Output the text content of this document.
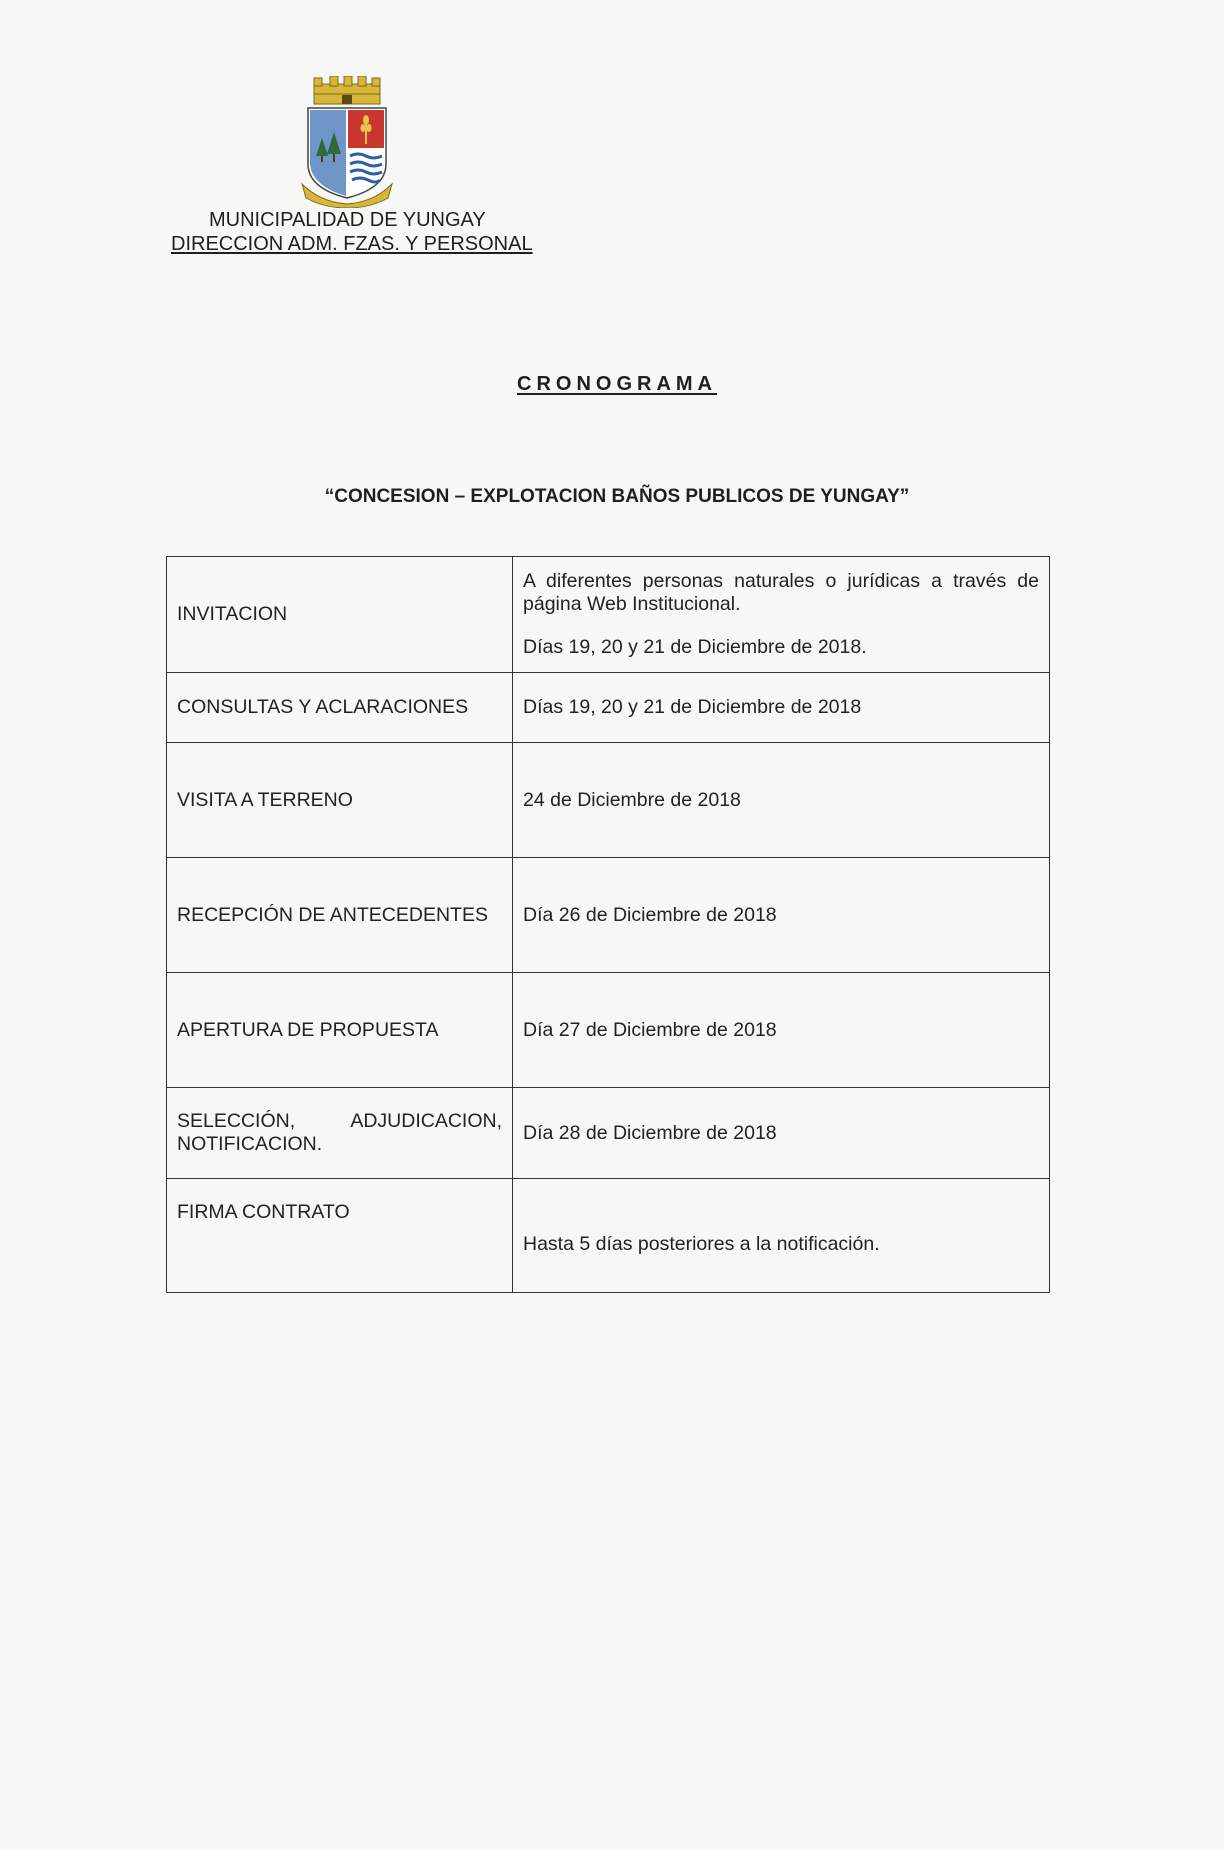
MUNICIPALIDAD DE YUNGAY
DIRECCION ADM. FZAS. Y PERSONAL
CRONOGRAMA
“CONCESION – EXPLOTACION BAÑOS PUBLICOS DE YUNGAY”
INVITACION	A diferentes personas naturales o jurídicas a través de página Web Institucional.
Días 19, 20 y 21 de Diciembre de 2018.

CONSULTAS Y ACLARACIONES	Días 19, 20 y 21 de Diciembre de 2018
VISITA A TERRENO	24 de Diciembre de 2018
RECEPCIÓN DE ANTECEDENTES	Día 26 de Diciembre de 2018
APERTURA DE PROPUESTA	Día 27 de Diciembre de 2018

SELECCIÓN, ADJUDICACION,
NOTIFICACION.	Día 28 de Diciembre de 2018
FIRMA CONTRATO	Hasta 5 días posteriores a la notificación.
